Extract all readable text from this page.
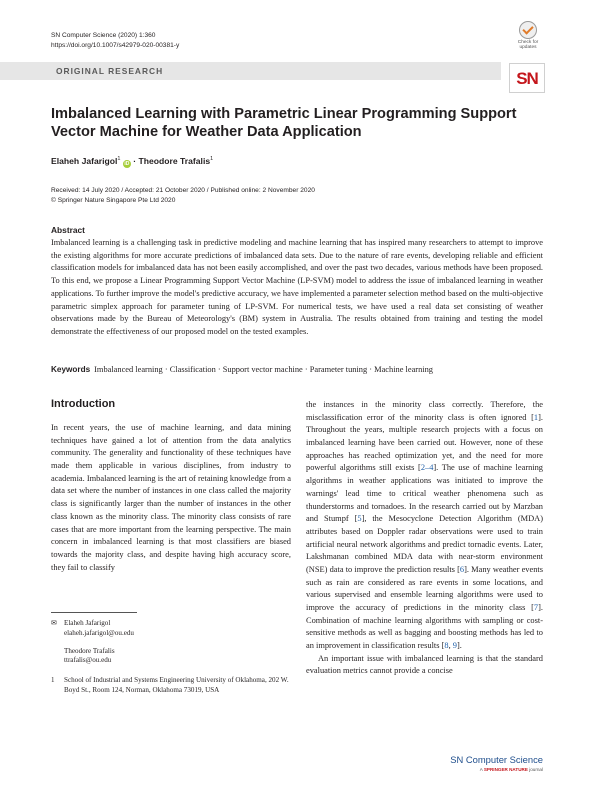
SN Computer Science (2020) 1:360
https://doi.org/10.1007/s42979-020-00381-y	Check for updates
ORIGINAL RESEARCH	SN
Imbalanced Learning with Parametric Linear Programming Support Vector Machine for Weather Data Application
Elaheh Jafarigol$^1$ iD · Theodore Trafalis$^1$
Received: 14 July 2020 / Accepted: 21 October 2020 / Published online: 2 November 2020
© Springer Nature Singapore Pte Ltd 2020
Abstract
Imbalanced learning is a challenging task in predictive modeling and machine learning that has inspired many researchers to attempt to improve the existing algorithms for more accurate predictions of imbalanced data sets. Due to the nature of rare events, developing reliable and efficient classification models for imbalanced data has not been easily accomplished, and over the past two decades, various methods have been proposed. To this end, we propose a Linear Programming Support Vector Machine (LP-SVM) model to address the issue of imbalanced learning in weather applications. To further improve the model's predictive accuracy, we have implemented a parameter selection method based on the multi-objective parametric simplex approach for parameter tuning of LP-SVM. For numerical tests, we have used a real data set consisting of weather observations made by the Bureau of Meteorology's (BM) system in Australia. The results obtained from training and testing the model demonstrate the effectiveness of our proposed model on the tested examples.
Keywords Imbalanced learning · Classification · Support vector machine · Parameter tuning · Machine learning
Introduction

In recent years, the use of machine learning, and data mining techniques have gained a lot of attention from the data analytics community. The generality and functionality of these techniques have made them applicable in various disciplines, from industry to academia. Imbalanced learning is the art of retaining knowledge from a data set where the number of instances in one class called the majority class is significantly larger than the number of instances in the other class known as the minority class. The minority class consists of rare cases that are more important from the learning perspective. The main concern in imbalanced learning is that most classifiers are biased towards the majority class, and despite having high accuracy score, they fail to classify

the instances in the minority class correctly. Therefore, the misclassification error of the minority class is often ignored [1]. Throughout the years, multiple research projects with a focus on imbalanced learning have been carried out. However, none of these approaches has reached optimization yet, and the need for more powerful algorithms still exists [2–4]. The use of machine learning algorithms in weather applications was initiated to improve the warnings' lead time to critical weather phenomena such as thunderstorms and tornadoes. In the research carried out by Marzban and Stumpf [5], the Mesocyclone Detection Algorithm (MDA) attributes based on Doppler radar observations were used to train artificial neural network algorithms and predict tornadic events. Later, Lakshmanan combined MDA data with near-storm environment (NSE) data to improve the prediction results [6]. Many weather events such as rain are considered as rare events in some locations, and various supervised and ensemble learning algorithms were used to improve the accuracy of predictions in the minority class [7]. Combination of machine learning algorithms with sampling or cost-sensitive methods as well as bagging and boosting methods has led to an improvement in classification results [8, 9].

An important issue with imbalanced learning is that the standard evaluation metrics cannot provide a concise

✉ Elaheh Jafarigol
elaheh.jafarigol@ou.edu
Theodore Trafalis
ttrafalis@ou.edu
1 School of Industrial and Systems Engineering University of Oklahoma, 202 W. Boyd St., Room 124, Norman, Oklahoma 73019, USA
SN Computer Science
A SPRINGER NATURE journal
